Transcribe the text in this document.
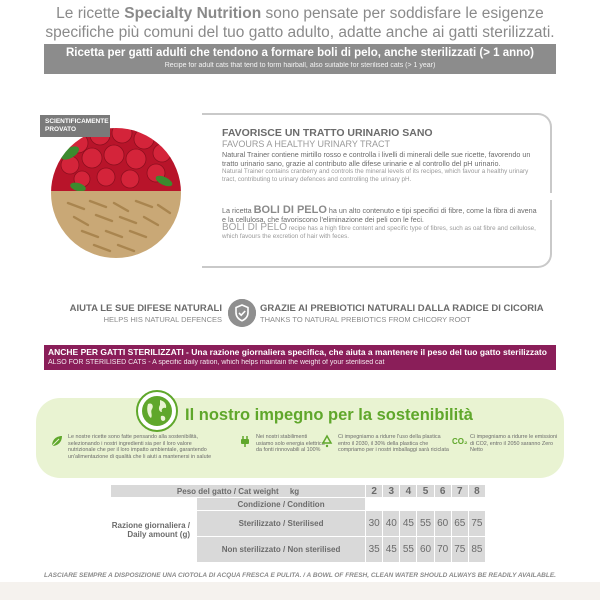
Le ricette Specialty Nutrition sono pensate per soddisfare le esigenze
specifiche più comuni del tuo gatto adulto, adatte anche ai gatti sterilizzati.
Ricetta per gatti adulti che tendono a formare boli di pelo, anche sterilizzati (> 1 anno)
Recipe for adult cats that tend to form hairball, also suitable for sterilised cats (> 1 year)
SCIENTIFICAMENTE PROVATO	FAVORISCE UN TRATTO URINARIO SANO
FAVOURS A HEALTHY URINARY TRACT

Natural Trainer contiene mirtillo rosso e controlla i livelli di minerali delle sue ricette, favorendo un tratto urinario sano, grazie al contributo alle difese urinarie e al controllo del pH urinario.

Natural Trainer contains cranberry and controls the mineral levels of its recipes, which favour a healthy urinary tract, contributing to urinary defences and controlling the urinary pH.

La ricetta BOLI DI PELO ha un alto contenuto e tipi specifici di fibre, come la fibra di avena e la cellulosa, che favoriscono l'eliminazione dei peli con le feci.

BOLI DI PELO recipe has a high fibre content and specific type of fibres, such as oat fibre and cellulose, which favours the excretion of hair with feces.

AIUTA LE SUE DIFESE NATURALI
HELPS HIS NATURAL DEFENCES
GRAZIE AI PREBIOTICI NATURALI DALLA RADICE DI CICORIA
THANKS TO NATURAL PREBIOTICS FROM CHICORY ROOT
ANCHE PER GATTI STERILIZZATI - Una razione giornaliera specifica, che aiuta a mantenere il peso del tuo gatto sterilizzato
ALSO FOR STERILISED CATS - A specific daily ration, which helps maintain the weight of your sterilised cat
Il nostro impegno per la sostenibilità
Le nostre ricette sono fatte pensando alla sostenibilità, selezionando i nostri ingredienti sia per il loro valore nutrizionale che per il loro impatto ambientale, garantendo un'alimentazione di qualità che li aiuti a mantenersi in salute
Nei nostri stabilimenti usiamo solo energia elettrica da fonti rinnovabili al 100%
Ci impegniamo a ridurre l'uso della plastica entro il 2030, il 30% della plastica che compriamo per i nostri imballaggi sarà riciclata
CO₂ Ci impegniamo a ridurre le emissioni di CO2, entro il 2050 saranno Zero Netto
Peso del gatto / Cat weight kg		2	3	4	5	6	7	8
Razione giornaliera / Daily amount (g)	Condizione / Condition							
	Sterilizzato / Sterilised	30	40	45	55	60	65	75
	Non sterilizzato / Non sterilised	35	45	55	60	70	75	85
LASCIARE SEMPRE A DISPOSIZIONE UNA CIOTOLA DI ACQUA FRESCA E PULITA. / A BOWL OF FRESH, CLEAN WATER SHOULD ALWAYS BE READILY AVAILABLE.
